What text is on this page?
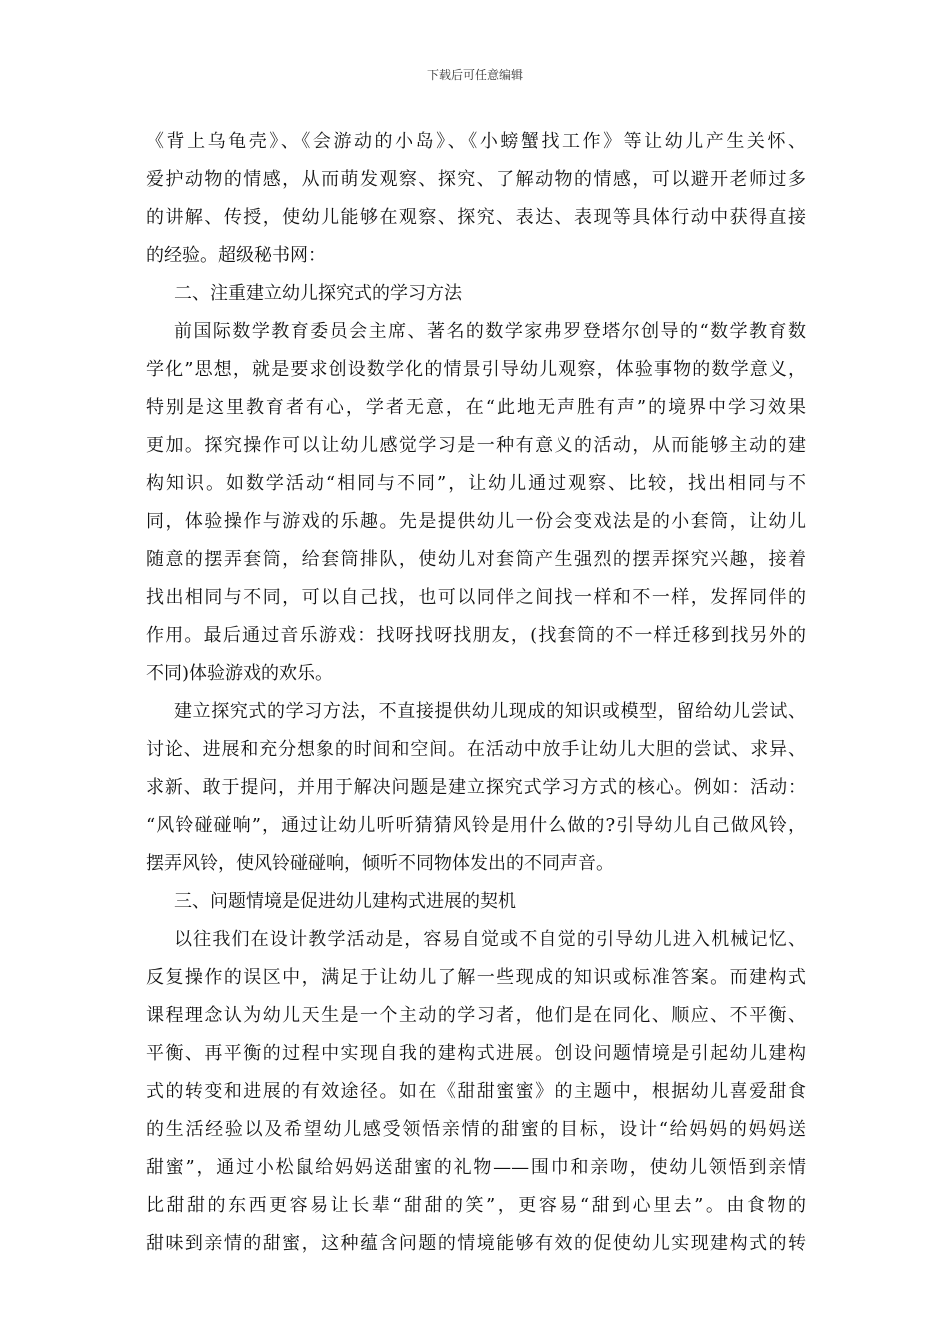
下载后可任意编辑
《背上乌龟壳》、《会游动的小岛》、《小螃蟹找工作》等让幼儿产生关怀、
爱护动物的情感，从而萌发观察、探究、了解动物的情感，可以避开老师过多
的讲解、传授，使幼儿能够在观察、探究、表达、表现等具体行动中获得直接
的经验。超级秘书网：
二、注重建立幼儿探究式的学习方法
前国际数学教育委员会主席、著名的数学家弗罗登塔尔创导的“数学教育数
学化”思想，就是要求创设数学化的情景引导幼儿观察，体验事物的数学意义，
特别是这里教育者有心，学者无意，在“此地无声胜有声”的境界中学习效果
更加。探究操作可以让幼儿感觉学习是一种有意义的活动，从而能够主动的建
构知识。如数学活动“相同与不同”，让幼儿通过观察、比较，找出相同与不
同，体验操作与游戏的乐趣。先是提供幼儿一份会变戏法是的小套筒，让幼儿
随意的摆弄套筒，给套筒排队，使幼儿对套筒产生强烈的摆弄探究兴趣，接着
找出相同与不同，可以自己找，也可以同伴之间找一样和不一样，发挥同伴的
作用。最后通过音乐游戏：找呀找呀找朋友，(找套筒的不一样迁移到找另外的
不同)体验游戏的欢乐。
建立探究式的学习方法，不直接提供幼儿现成的知识或模型，留给幼儿尝试、
讨论、进展和充分想象的时间和空间。在活动中放手让幼儿大胆的尝试、求异、
求新、敢于提问，并用于解决问题是建立探究式学习方式的核心。例如：活动：
“风铃碰碰响”，通过让幼儿听听猜猜风铃是用什么做的?引导幼儿自己做风铃，
摆弄风铃，使风铃碰碰响，倾听不同物体发出的不同声音。
三、问题情境是促进幼儿建构式进展的契机
以往我们在设计教学活动是，容易自觉或不自觉的引导幼儿进入机械记忆、
反复操作的误区中，满足于让幼儿了解一些现成的知识或标准答案。而建构式
课程理念认为幼儿天生是一个主动的学习者，他们是在同化、顺应、不平衡、
平衡、再平衡的过程中实现自我的建构式进展。创设问题情境是引起幼儿建构
式的转变和进展的有效途径。如在《甜甜蜜蜜》的主题中，根据幼儿喜爱甜食
的生活经验以及希望幼儿感受领悟亲情的甜蜜的目标，设计“给妈妈的妈妈送
甜蜜”，通过小松鼠给妈妈送甜蜜的礼物——围巾和亲吻，使幼儿领悟到亲情
比甜甜的东西更容易让长辈“甜甜的笑”，更容易“甜到心里去”。由食物的
甜味到亲情的甜蜜，这种蕴含问题的情境能够有效的促使幼儿实现建构式的转
